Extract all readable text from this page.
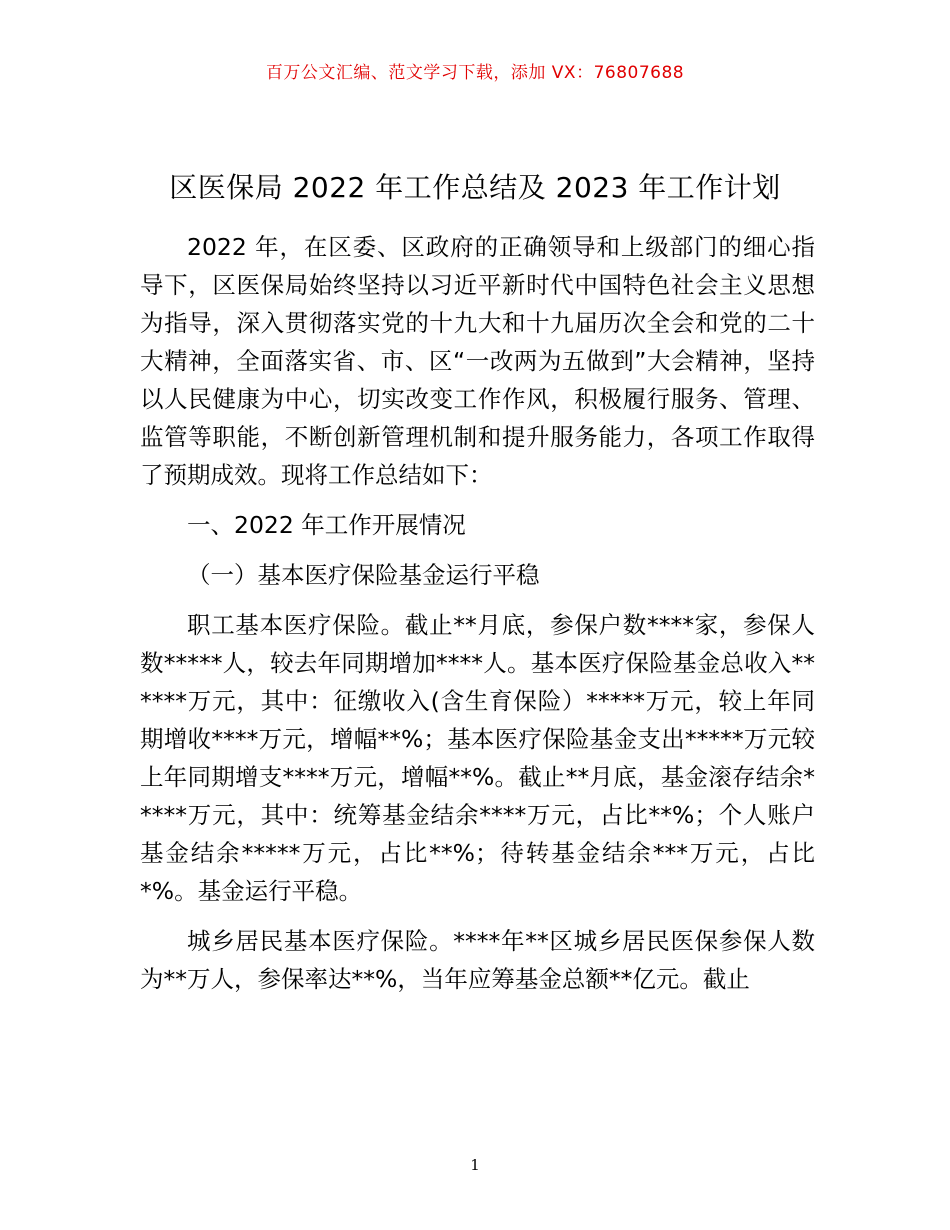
百万公文汇编、范文学习下载，添加 VX：76807688
区医保局 2022 年工作总结及 2023 年工作计划

2022 年，在区委、区政府的正确领导和上级部门的细心指导下，区医保局始终坚持以习近平新时代中国特色社会主义思想为指导，深入贯彻落实党的十九大和十九届历次全会和党的二十大精神，全面落实省、市、区“一改两为五做到”大会精神，坚持以人民健康为中心，切实改变工作作风，积极履行服务、管理、监管等职能，不断创新管理机制和提升服务能力，各项工作取得了预期成效。现将工作总结如下：

一、2022 年工作开展情况

（一）基本医疗保险基金运行平稳

职工基本医疗保险。截止**月底，参保户数****家，参保人数*****人，较去年同期增加****人。基本医疗保险基金总收入******万元，其中：征缴收入(含生育保险）*****万元，较上年同期增收****万元，增幅**%；基本医疗保险基金支出*****万元较上年同期增支****万元，增幅**%。截止**月底，基金滚存结余*****万元，其中：统筹基金结余****万元，占比**%；个人账户基金结余*****万元，占比**%；待转基金结余***万元，占比*%。基金运行平稳。

城乡居民基本医疗保险。****年**区城乡居民医保参保人数为**万人，参保率达**%，当年应筹基金总额**亿元。截止

1
